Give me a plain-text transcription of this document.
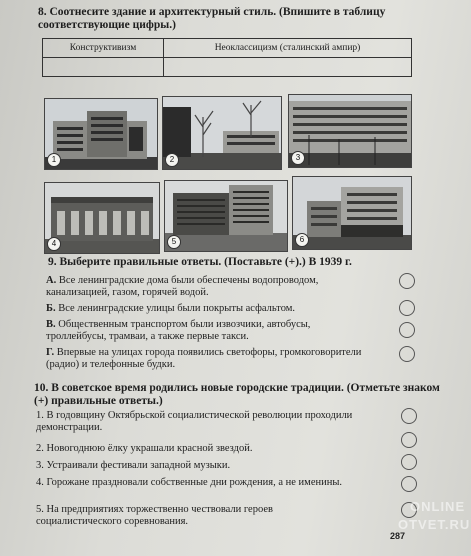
8. Соотнесите здание и архитектурный стиль. (Впишите в таблицу соответствующие цифры.)
Конструктивизм	Неоклассицизм (сталинский ампир)

1	2	3
4	5	6
9. Выберите правильные ответы. (Поставьте (+).) В 1939 г.
А. Все ленинградские дома были обеспечены водопроводом, канализацией, газом, горячей водой.
Б. Все ленинградские улицы были покрыты асфальтом.
В. Общественным транспортом были извозчики, автобусы, троллейбусы, трамваи, а также первые такси.
Г. Впервые на улицах города появились светофоры, громкоговорители (радио) и телефонные будки.
10. В советское время родились новые городские традиции. (Отметьте знаком (+) правильные ответы.)
1. В годовщину Октябрьской социалистической революции проходили демонстрации.
2. Новогоднюю ёлку украшали красной звездой.
3. Устраивали фестивали западной музыки.
4. Горожане праздновали собственные дни рождения, а не именины.
5. На предприятиях торжественно чествовали героев социалистического соревнования.
287
ONLINE
OTVET.RU
